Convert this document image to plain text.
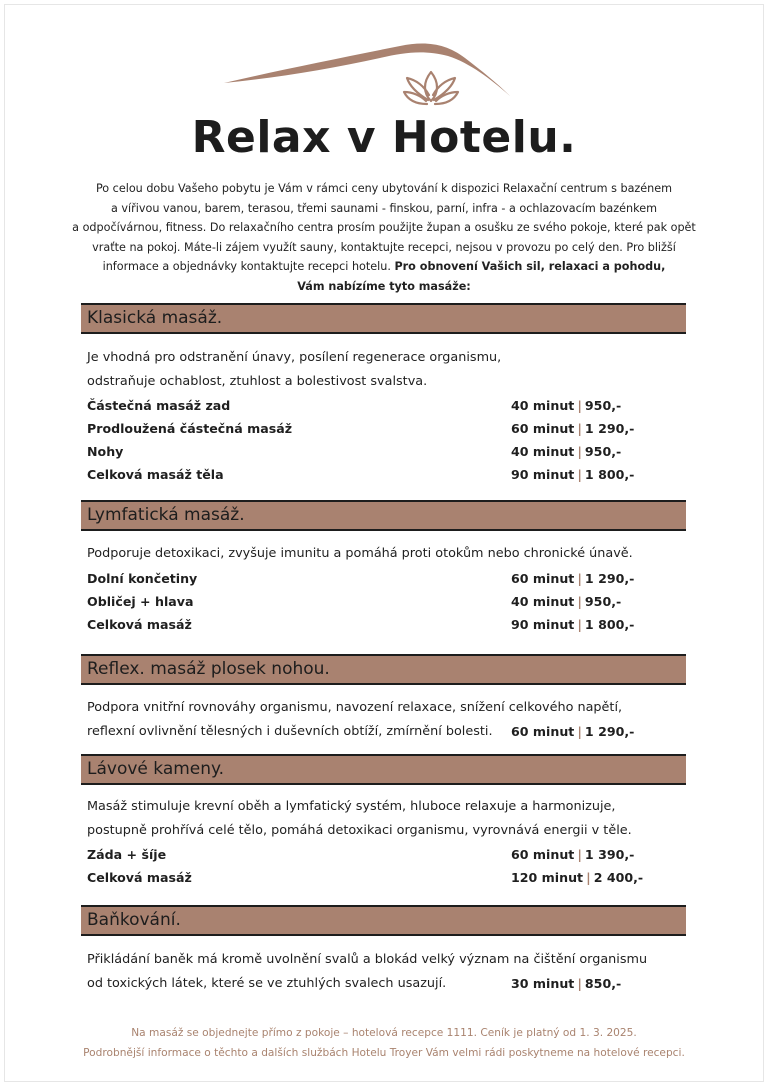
Relax v Hotelu.
Po celou dobu Vašeho pobytu je Vám v rámci ceny ubytování k dispozici Relaxační centrum s bazénem
a vířivou vanou, barem, terasou, třemi saunami - finskou, parní, infra - a ochlazovacím bazénkem
a odpočívárnou, fitness. Do relaxačního centra prosím použijte župan a osušku ze svého pokoje, které pak opět
vraťte na pokoj. Máte-li zájem využít sauny, kontaktujte recepci, nejsou v provozu po celý den. Pro bližší
informace a objednávky kontaktujte recepci hotelu. Pro obnovení Vašich sil, relaxaci a pohodu,
Vám nabízíme tyto masáže:
Klasická masáž.
Je vhodná pro odstranění únavy, posílení regenerace organismu,
odstraňuje ochablost, ztuhlost a bolestivost svalstva.
Částečná masáž zad	40 minut | 950,-
Prodloužená částečná masáž	60 minut | 1 290,-
Nohy	40 minut | 950,-
Celková masáž těla	90 minut | 1 800,-
Lymfatická masáž.
Podporuje detoxikaci, zvyšuje imunitu a pomáhá proti otokům nebo chronické únavě.
Dolní končetiny	60 minut | 1 290,-
Obličej + hlava	40 minut | 950,-
Celková masáž	90 minut | 1 800,-
Reflex. masáž plosek nohou.
Podpora vnitřní rovnováhy organismu, navození relaxace, snížení celkového napětí,
reflexní ovlivnění tělesných i duševních obtíží, zmírnění bolesti. 60 minut | 1 290,-
Lávové kameny.
Masáž stimuluje krevní oběh a lymfatický systém, hluboce relaxuje a harmonizuje,
postupně prohřívá celé tělo, pomáhá detoxikaci organismu, vyrovnává energii v těle.
Záda + šíje	60 minut | 1 390,-
Celková masáž	120 minut | 2 400,-
Baňkování.
Přikládání baněk má kromě uvolnění svalů a blokád velký význam na čištění organismu
od toxických látek, které se ve ztuhlých svalech usazují.	30 minut | 850,-
Na masáž se objednejte přímo z pokoje – hotelová recepce 1111. Ceník je platný od 1. 3. 2025.
Podrobnější informace o těchto a dalších službách Hotelu Troyer Vám velmi rádi poskytneme na hotelové recepci.
